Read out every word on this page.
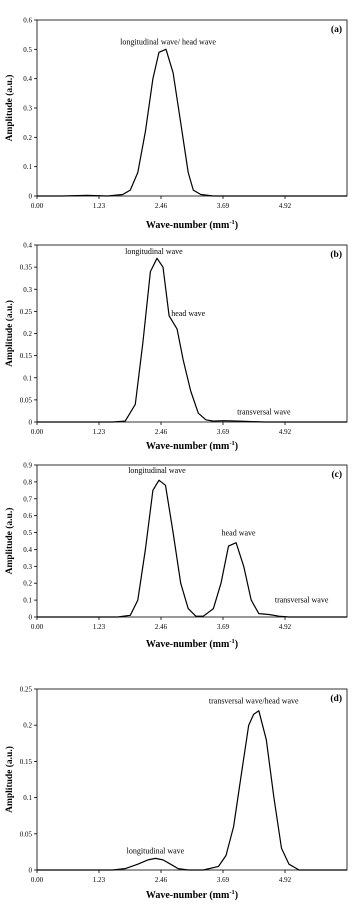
0
0.1
0.2
0.3
0.4
0.5
0.6
0.00	1.23	2.46	3.69	4.92
Amplitude (a.u.)
Wave-number $(mm^{-1})$
(a)
longitudinal wave/ head wave
0
0.05
0.1
0.15
0.2
0.25
0.3
0.35
0.4
0.00	1.23	2.46	3.69	4.92
Amplitude (a.u.)
Wave-number $(mm^{-1})$
(b)
longitudinal wave
head wave
transversal wave
0
0.1
0.2
0.3
0.4
0.5
0.6
0.7
0.8
0.9
0.00	1.23	2.46	3.69	4.92
Amplitude (a.u.)
Wave-number $(mm^{-1})$
(c)
longitudinal wave
head wave
transversal wave
0
0.05
0.1
0.15
0.2
0.25
0.00	1.23	2.46	3.69	4.92
Amplitude (a.u.)
Wave-number $(mm^{-1})$
(d)
longitudinal wave
transversal wave/head wave
